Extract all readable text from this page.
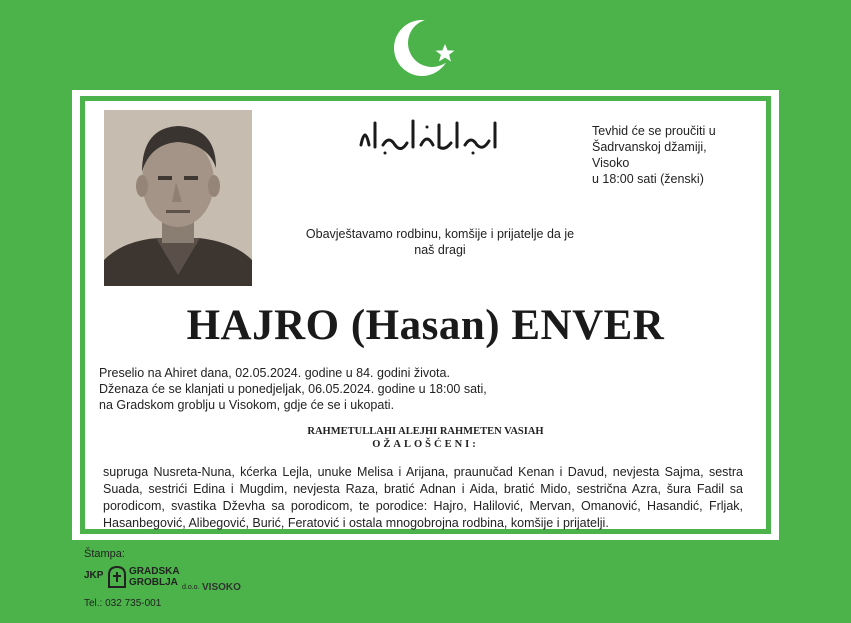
Tevhid će se proučiti u
Šadrvanskoj džamiji, Visoko
u 18:00 sati (ženski)
Obavještavamo rodbinu, komšije i prijatelje da je
naš dragi
HAJRO (Hasan) ENVER
Preselio na Ahiret dana, 02.05.2024. godine u 84. godini života.
Dženaza će se klanjati u ponedjeljak, 06.05.2024. godine u 18:00 sati,
na Gradskom groblju u Visokom, gdje će se i ukopati.
RAHMETULLAHI ALEJHI RAHMETEN VASIAH
OŽALOŠĆENI:
supruga Nusreta-Nuna, kćerka Lejla, unuke Melisa i Arijana, praunučad Kenan i Davud, nevjesta Sajma, sestra Suada, sestrići Edina i Mugdim, nevjesta Raza, bratić Adnan i Aida, bratić Mido, sestrična Azra, šura Fadil sa porodicom, svastika Dževha sa porodicom, te porodice: Hajro, Halilović, Mervan, Omanović, Hasandić, Frljak, Hasanbegović, Alibegović, Burić, Feratović i ostala mnogobrojna rodbina, komšije i prijatelji.
Štampa:
JKP	GRADSKA
GROBLJA d.o.o. VISOKO
Tel.: 032 735-001
